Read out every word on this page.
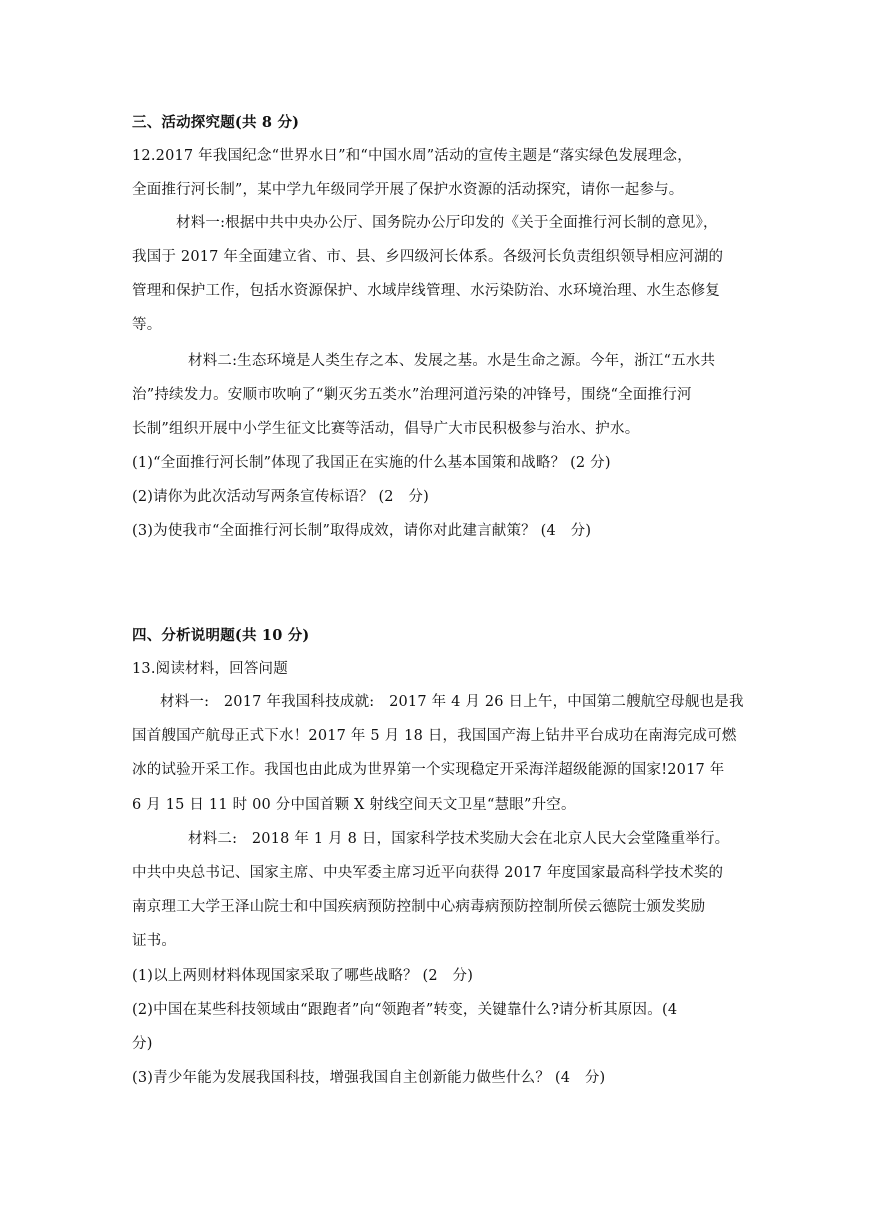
三、活动探究题(共 8 分)
12.2017 年我国纪念“世界水日”和“中国水周”活动的宣传主题是“落实绿色发展理念，
全面推行河长制”，某中学九年级同学开展了保护水资源的活动探究，请你一起参与。
材料一:根据中共中央办公厅、国务院办公厅印发的《关于全面推行河长制的意见》，
我国于 2017 年全面建立省、市、县、乡四级河长体系。各级河长负责组织领导相应河湖的
管理和保护工作，包括水资源保护、水域岸线管理、水污染防治、水环境治理、水生态修复
等。
材料二:生态环境是人类生存之本、发展之基。水是生命之源。今年，浙江“五水共
治”持续发力。安顺市吹响了“剿灭劣五类水”治理河道污染的冲锋号，围绕“全面推行河
长制”组织开展中小学生征文比赛等活动，倡导广大市民积极参与治水、护水。
(1)“全面推行河长制”体现了我国正在实施的什么基本国策和战略？ (2 分)
(2)请你为此次活动写两条宣传标语？ (2　分)
(3)为使我市“全面推行河长制”取得成效，请你对此建言献策？ (4　分)
四、分析说明题(共 10 分)
13.阅读材料，回答问题
材料一:　2017 年我国科技成就:　2017 年 4 月 26 日上午，中国第二艘航空母舰也是我
国首艘国产航母正式下水！2017 年 5 月 18 日，我国国产海上钻井平台成功在南海完成可燃
冰的试验开采工作。我国也由此成为世界第一个实现稳定开采海洋超级能源的国家!2017 年
6 月 15 日 11 时 00 分中国首颗 X 射线空间天文卫星“慧眼”升空。
材料二:　2018 年 1 月 8 日，国家科学技术奖励大会在北京人民大会堂隆重举行。
中共中央总书记、国家主席、中央军委主席习近平向获得 2017 年度国家最高科学技术奖的
南京理工大学王泽山院士和中国疾病预防控制中心病毒病预防控制所侯云德院士颁发奖励
证书。
(1)以上两则材料体现国家采取了哪些战略？ (2　分)
(2)中国在某些科技领域由“跟跑者”向“领跑者”转变，关键靠什么?请分析其原因。(4
分)
(3)青少年能为发展我国科技，增强我国自主创新能力做些什么？ (4　分)
